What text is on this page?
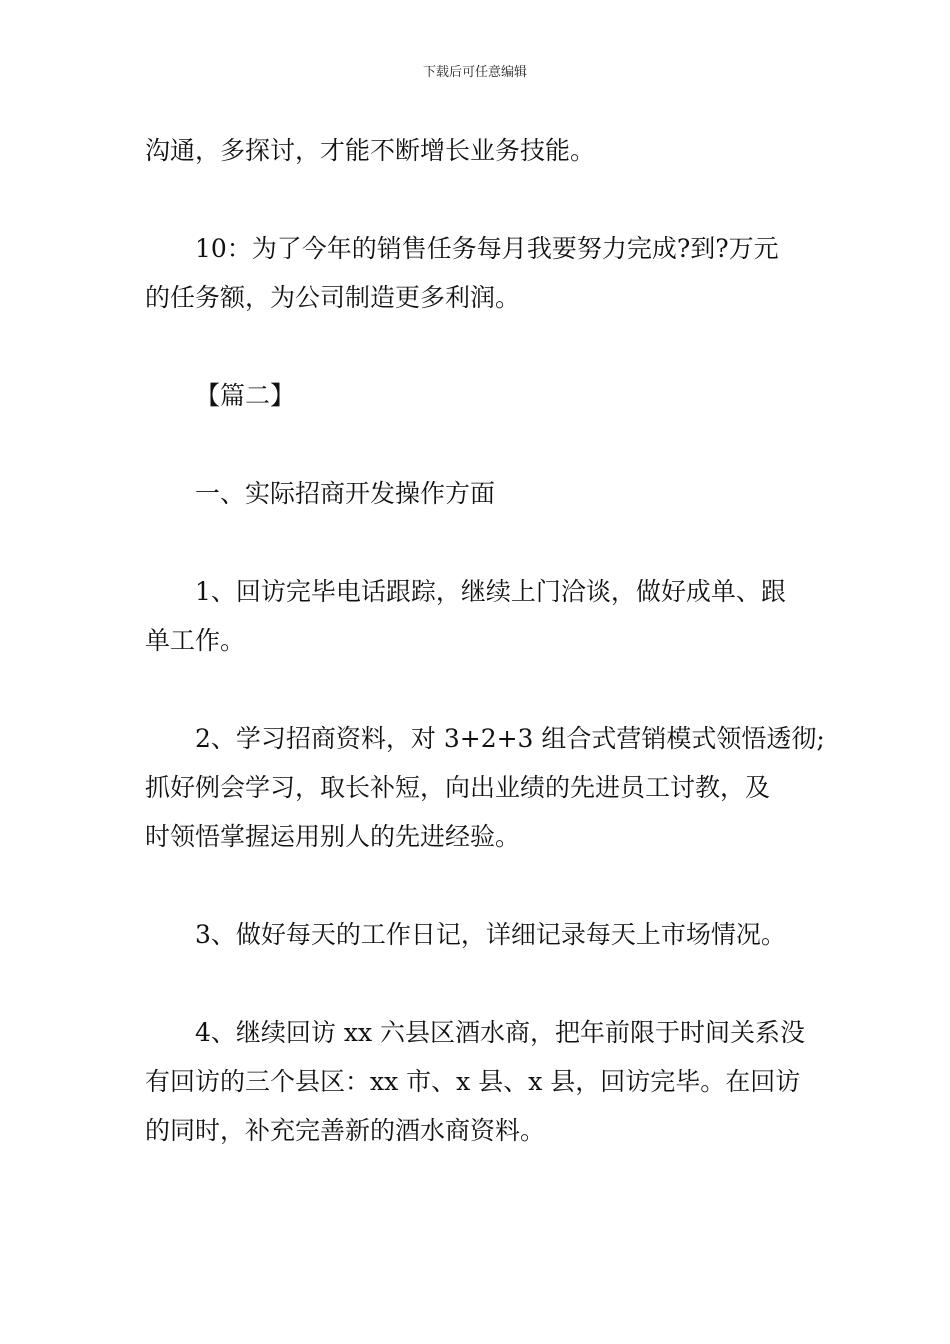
下载后可任意编辑
沟通，多探讨，才能不断增长业务技能。
10：为了今年的销售任务每月我要努力完成?到?万元
的任务额，为公司制造更多利润。
【篇二】
一、实际招商开发操作方面
1、回访完毕电话跟踪，继续上门洽谈，做好成单、跟
单工作。
2、学习招商资料，对 3+2+3 组合式营销模式领悟透彻;
抓好例会学习，取长补短，向出业绩的先进员工讨教，及
时领悟掌握运用别人的先进经验。
3、做好每天的工作日记，详细记录每天上市场情况。
4、继续回访 xx 六县区酒水商，把年前限于时间关系没
有回访的三个县区：xx 市、x 县、x 县，回访完毕。在回访
的同时，补充完善新的酒水商资料。
